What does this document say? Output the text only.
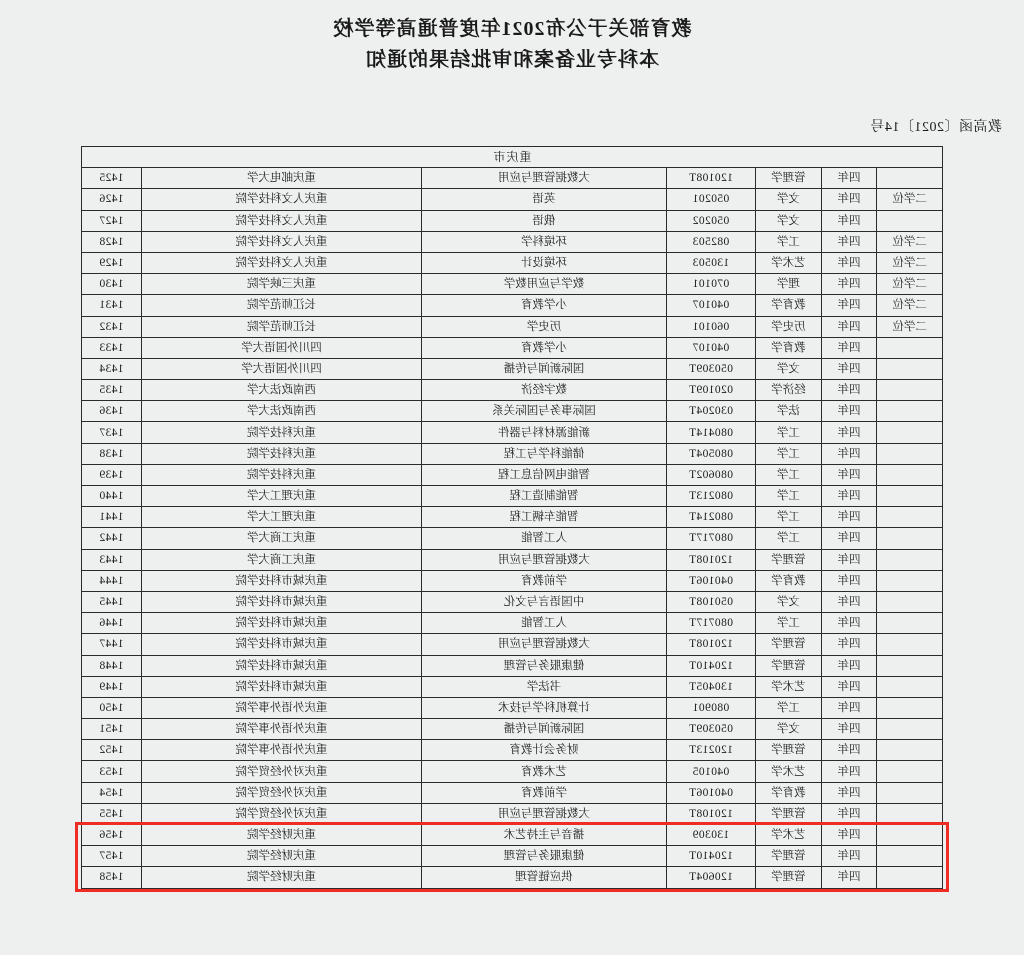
教育部关于公布2021年度普通高等学校
本科专业备案和审批结果的通知
教高函〔2021〕14号
重庆市						
	四年	管理学	120108T	大数据管理与应用	重庆邮电大学	1425
二学位	四年	文学	050201	英语	重庆人文科技学院	1426
	四年	文学	050202	俄语	重庆人文科技学院	1427
二学位	四年	工学	082503	环境科学	重庆人文科技学院	1428
二学位	四年	艺术学	130503	环境设计	重庆人文科技学院	1429
二学位	四年	理学	070101	数学与应用数学	重庆三峡学院	1430
二学位	四年	教育学	040107	小学教育	长江师范学院	1431
二学位	四年	历史学	060101	历史学	长江师范学院	1432
	四年	教育学	040107	小学教育	四川外国语大学	1433
	四年	文学	050309T	国际新闻与传播	四川外国语大学	1434
	四年	经济学	020109T	数字经济	西南政法大学	1435
	四年	法学	030204T	国际事务与国际关系	西南政法大学	1436
	四年	工学	080414T	新能源材料与器件	重庆科技学院	1437
	四年	工学	080504T	储能科学与工程	重庆科技学院	1438
	四年	工学	080602T	智能电网信息工程	重庆科技学院	1439
	四年	工学	080213T	智能制造工程	重庆理工大学	1440
	四年	工学	080214T	智能车辆工程	重庆理工大学	1441
	四年	工学	080717T	人工智能	重庆工商大学	1442
	四年	管理学	120108T	大数据管理与应用	重庆工商大学	1443
	四年	教育学	040106T	学前教育	重庆城市科技学院	1444
	四年	文学	050108T	中国语言与文化	重庆城市科技学院	1445
	四年	工学	080717T	人工智能	重庆城市科技学院	1446
	四年	管理学	120108T	大数据管理与应用	重庆城市科技学院	1447
	四年	管理学	120410T	健康服务与管理	重庆城市科技学院	1448
	四年	艺术学	130405T	书法学	重庆城市科技学院	1449
	四年	工学	080901	计算机科学与技术	重庆外语外事学院	1450
	四年	文学	050309T	国际新闻与传播	重庆外语外事学院	1451
	四年	管理学	120213T	财务会计教育	重庆外语外事学院	1452
	四年	艺术学	040105	艺术教育	重庆对外经贸学院	1453
	四年	教育学	040106T	学前教育	重庆对外经贸学院	1454
	四年	管理学	120108T	大数据管理与应用	重庆对外经贸学院	1455
	四年	艺术学	130309	播音与主持艺术	重庆财经学院	1456
	四年	管理学	120410T	健康服务与管理	重庆财经学院	1457
	四年	管理学	120604T	供应链管理	重庆财经学院	1458
